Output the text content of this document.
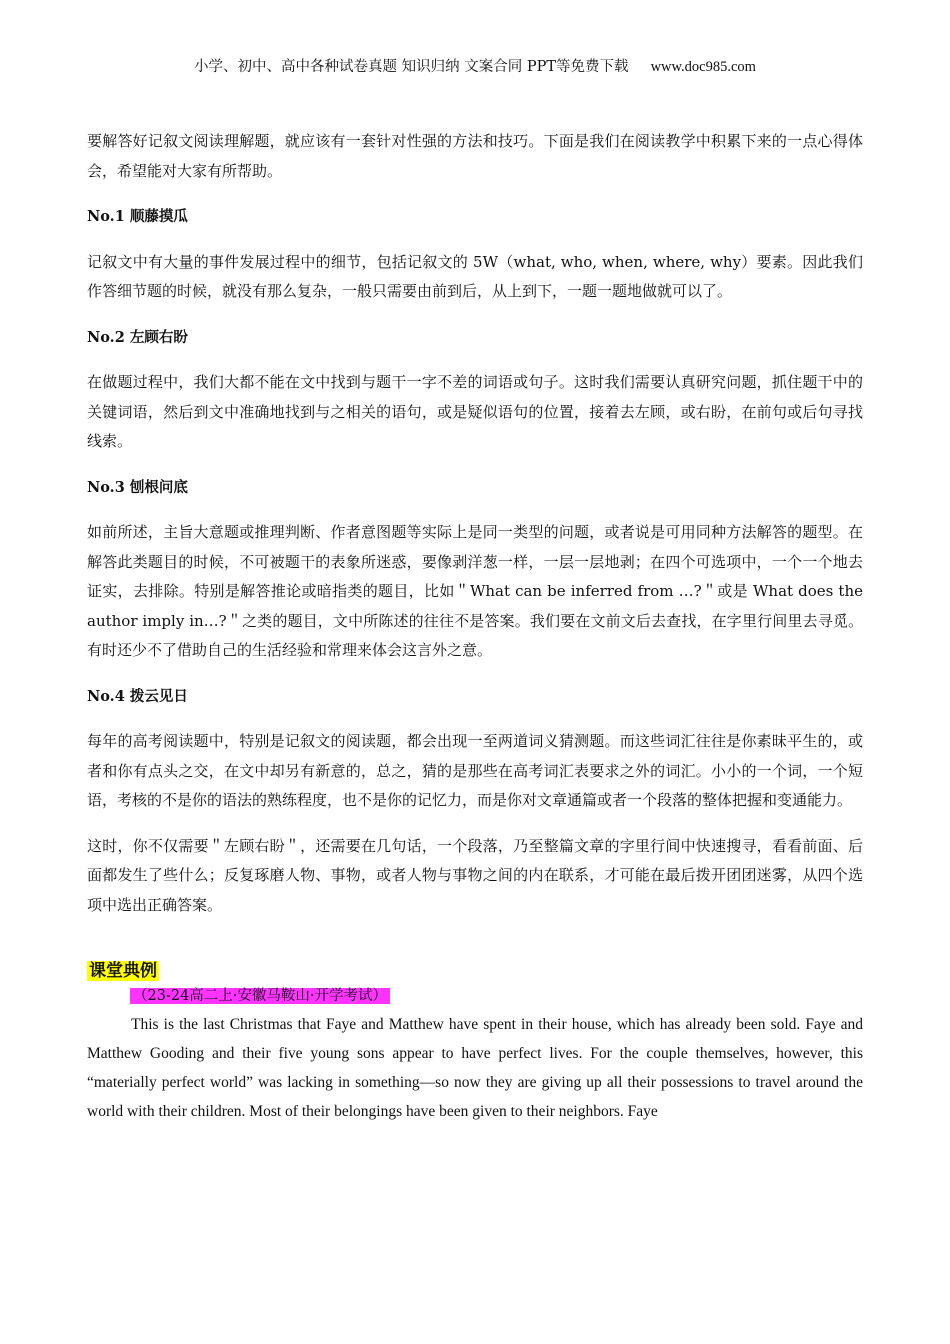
小学、初中、高中各种试卷真题 知识归纳 文案合同 PPT等免费下载 www.doc985.com

要解答好记叙文阅读理解题，就应该有一套针对性强的方法和技巧。下面是我们在阅读教学中积累下来的一点心得体会，希望能对大家有所帮助。

No.1 顺藤摸瓜

记叙文中有大量的事件发展过程中的细节，包括记叙文的 5W（what, who, when, where, why）要素。因此我们作答细节题的时候，就没有那么复杂，一般只需要由前到后，从上到下，一题一题地做就可以了。

No.2 左顾右盼

在做题过程中，我们大都不能在文中找到与题干一字不差的词语或句子。这时我们需要认真研究问题，抓住题干中的关键词语，然后到文中准确地找到与之相关的语句，或是疑似语句的位置，接着去左顾，或右盼，在前句或后句寻找线索。

No.3 刨根问底

如前所述，主旨大意题或推理判断、作者意图题等实际上是同一类型的问题，或者说是可用同种方法解答的题型。在解答此类题目的时候，不可被题干的表象所迷惑，要像剥洋葱一样，一层一层地剥；在四个可选项中，一个一个地去证实，去排除。特别是解答推论或暗指类的题目，比如＂What can be inferred from …?＂或是 What does the author imply in…?＂之类的题目，文中所陈述的往往不是答案。我们要在文前文后去查找，在字里行间里去寻觅。有时还少不了借助自己的生活经验和常理来体会这言外之意。

No.4 拨云见日

每年的高考阅读题中，特别是记叙文的阅读题，都会出现一至两道词义猜测题。而这些词汇往往是你素昧平生的，或者和你有点头之交，在文中却另有新意的，总之，猜的是那些在高考词汇表要求之外的词汇。小小的一个词，一个短语，考核的不是你的语法的熟练程度，也不是你的记忆力，而是你对文章通篇或者一个段落的整体把握和变通能力。

这时，你不仅需要＂左顾右盼＂，还需要在几句话，一个段落，乃至整篇文章的字里行间中快速搜寻，看看前面、后面都发生了些什么；反复琢磨人物、事物，或者人物与事物之间的内在联系，才可能在最后拨开团团迷雾，从四个选项中选出正确答案。

课堂典例
（23-24高二上·安徽马鞍山·开学考试）

This is the last Christmas that Faye and Matthew have spent in their house, which has already been sold. Faye and Matthew Gooding and their five young sons appear to have perfect lives. For the couple themselves, however, this “materially perfect world” was lacking in something—so now they are giving up all their possessions to travel around the world with their children. Most of their belongings have been given to their neighbors. Faye
